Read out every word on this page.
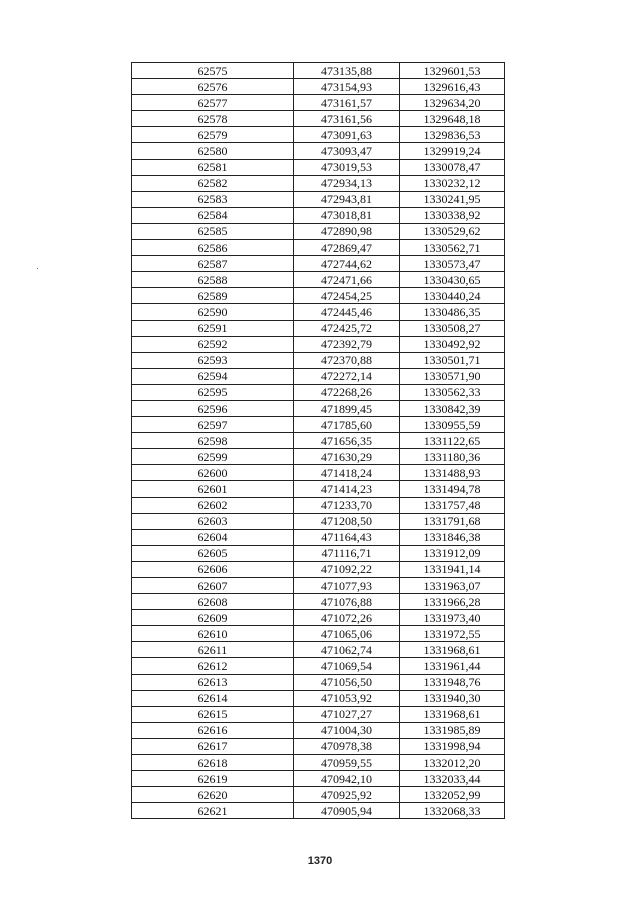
62575	473135,88	1329601,53
62576	473154,93	1329616,43
62577	473161,57	1329634,20
62578	473161,56	1329648,18
62579	473091,63	1329836,53
62580	473093,47	1329919,24
62581	473019,53	1330078,47
62582	472934,13	1330232,12
62583	472943,81	1330241,95
62584	473018,81	1330338,92
62585	472890,98	1330529,62
62586	472869,47	1330562,71
62587	472744,62	1330573,47
62588	472471,66	1330430,65
62589	472454,25	1330440,24
62590	472445,46	1330486,35
62591	472425,72	1330508,27
62592	472392,79	1330492,92
62593	472370,88	1330501,71
62594	472272,14	1330571,90
62595	472268,26	1330562,33
62596	471899,45	1330842,39
62597	471785,60	1330955,59
62598	471656,35	1331122,65
62599	471630,29	1331180,36
62600	471418,24	1331488,93
62601	471414,23	1331494,78
62602	471233,70	1331757,48
62603	471208,50	1331791,68
62604	471164,43	1331846,38
62605	471116,71	1331912,09
62606	471092,22	1331941,14
62607	471077,93	1331963,07
62608	471076,88	1331966,28
62609	471072,26	1331973,40
62610	471065,06	1331972,55
62611	471062,74	1331968,61
62612	471069,54	1331961,44
62613	471056,50	1331948,76
62614	471053,92	1331940,30
62615	471027,27	1331968,61
62616	471004,30	1331985,89
62617	470978,38	1331998,94
62618	470959,55	1332012,20
62619	470942,10	1332033,44
62620	470925,92	1332052,99
62621	470905,94	1332068,33
1370
